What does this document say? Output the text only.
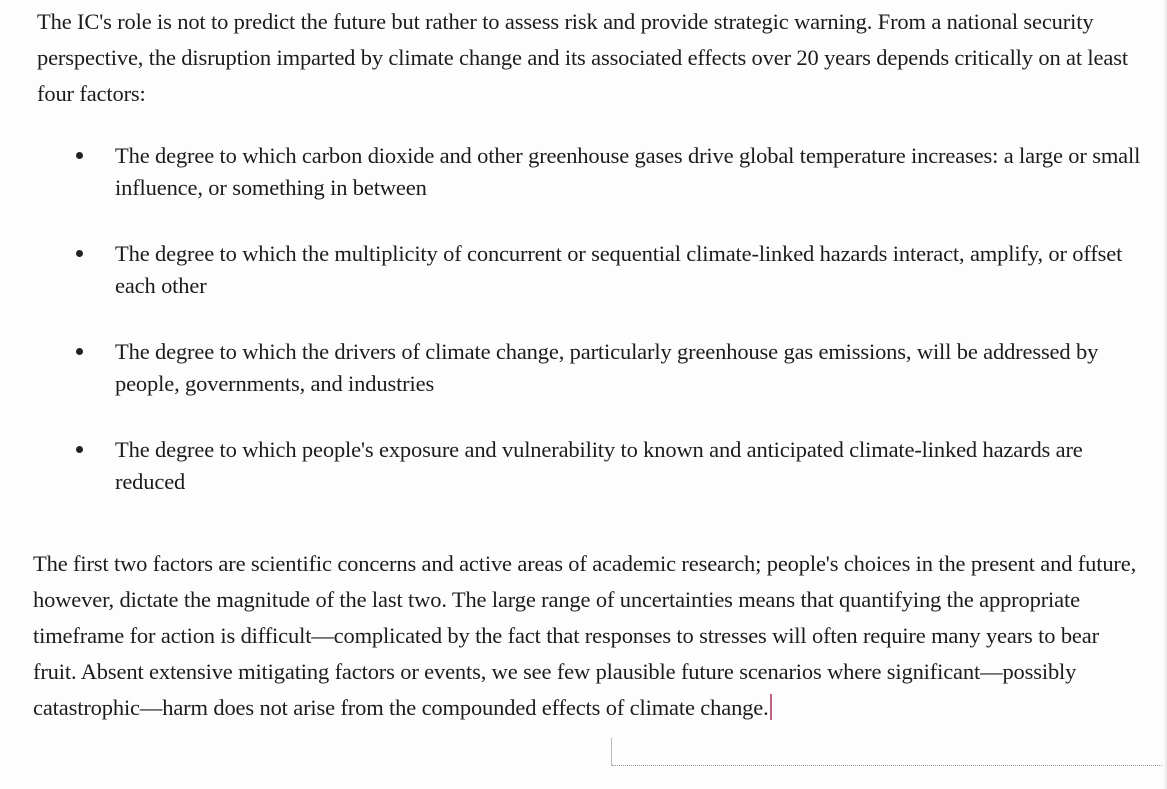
The IC's role is not to predict the future but rather to assess risk and provide strategic warning. From a national security perspective, the disruption imparted by climate change and its associated effects over 20 years depends critically on at least four factors:

The degree to which carbon dioxide and other greenhouse gases drive global temperature increases: a large or small influence, or something in between
The degree to which the multiplicity of concurrent or sequential climate-linked hazards interact, amplify, or offset each other
The degree to which the drivers of climate change, particularly greenhouse gas emissions, will be addressed by people, governments, and industries
The degree to which people's exposure and vulnerability to known and anticipated climate-linked hazards are reduced

The first two factors are scientific concerns and active areas of academic research; people's choices in the present and future, however, dictate the magnitude of the last two. The large range of uncertainties means that quantifying the appropriate timeframe for action is difficult—complicated by the fact that responses to stresses will often require many years to bear fruit. Absent extensive mitigating factors or events, we see few plausible future scenarios where significant—possibly catastrophic—harm does not arise from the compounded effects of climate change.
